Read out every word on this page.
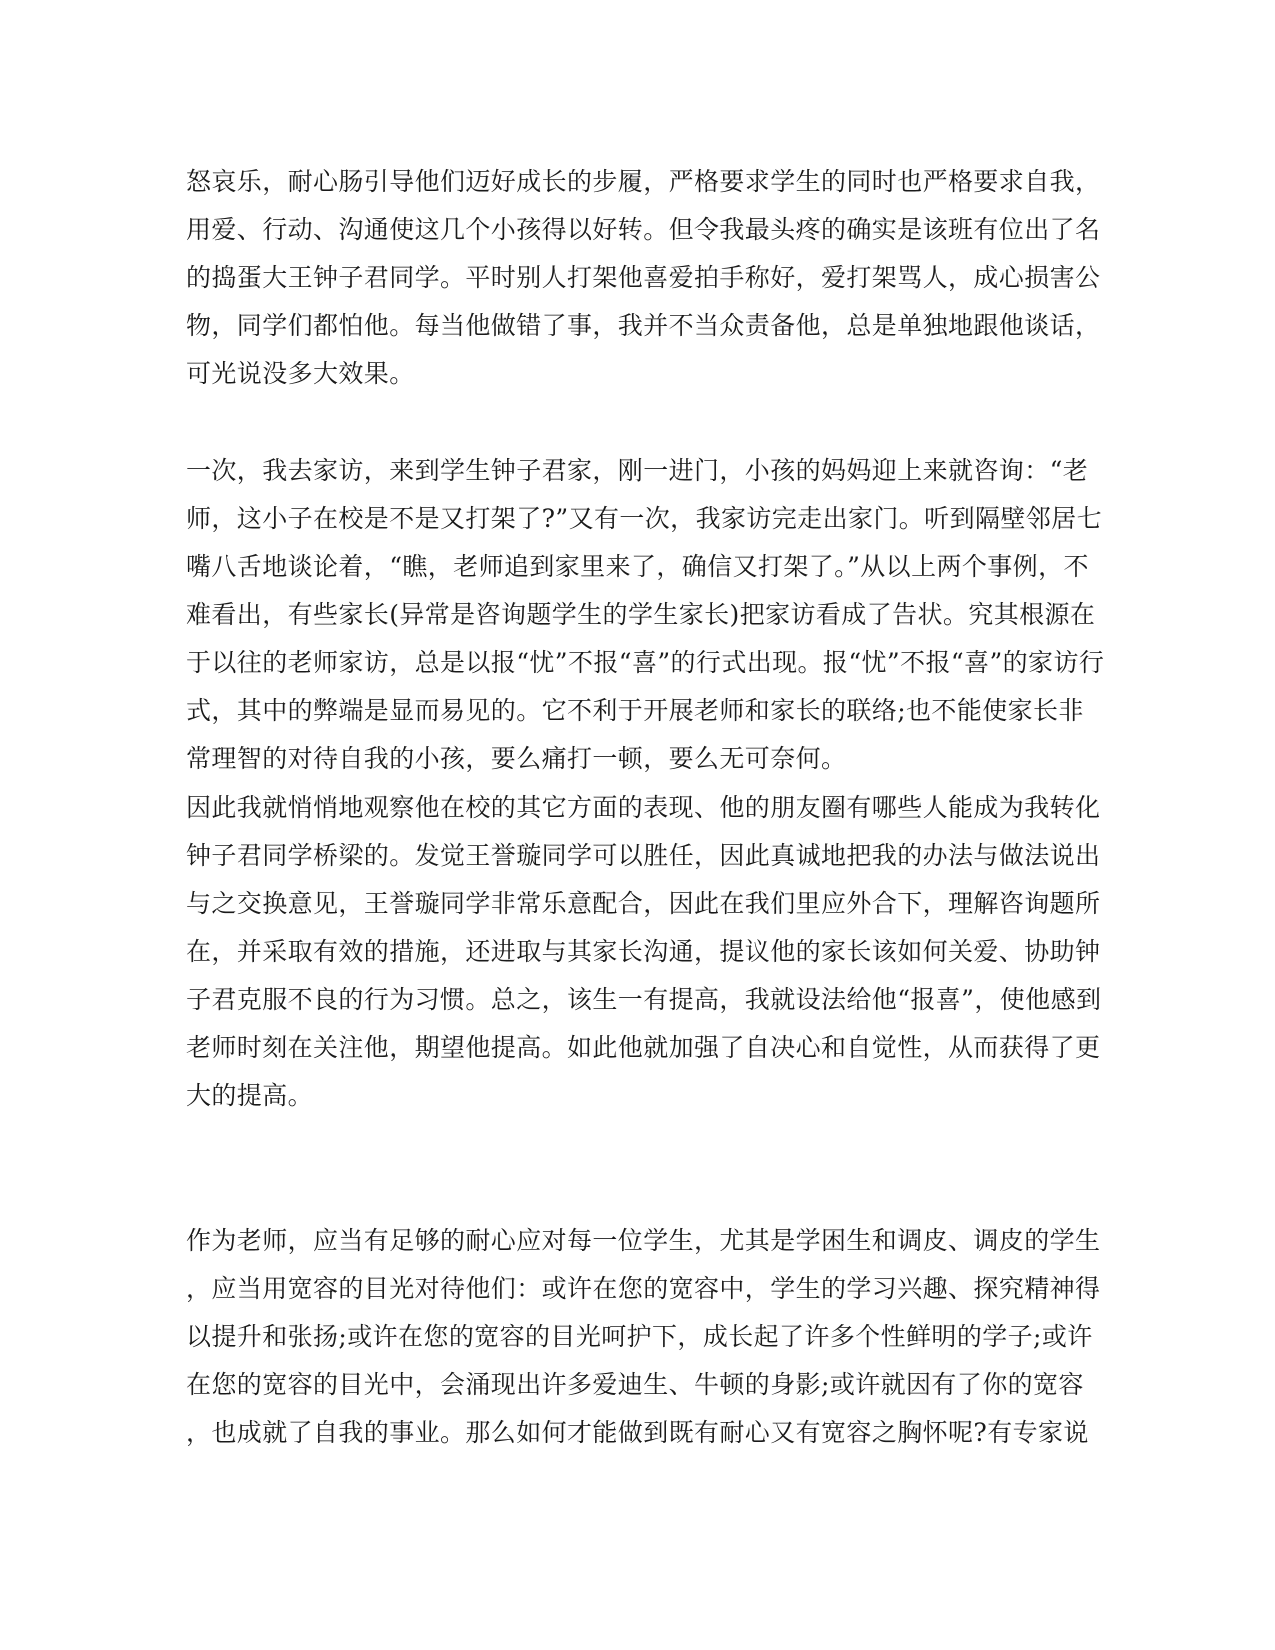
怒哀乐，耐心肠引导他们迈好成长的步履，严格要求学生的同时也严格要求自我，
用爱、行动、沟通使这几个小孩得以好转。但令我最头疼的确实是该班有位出了名
的捣蛋大王钟子君同学。平时别人打架他喜爱拍手称好，爱打架骂人，成心损害公
物，同学们都怕他。每当他做错了事，我并不当众责备他，总是单独地跟他谈话，
可光说没多大效果。
一次，我去家访，来到学生钟子君家，刚一进门，小孩的妈妈迎上来就咨询：“老
师，这小子在校是不是又打架了?”又有一次，我家访完走出家门。听到隔壁邻居七
嘴八舌地谈论着，“瞧，老师追到家里来了，确信又打架了。”从以上两个事例，不
难看出，有些家长(异常是咨询题学生的学生家长)把家访看成了告状。究其根源在
于以往的老师家访，总是以报“忧”不报“喜”的行式出现。报“忧”不报“喜”的家访行
式，其中的弊端是显而易见的。它不利于开展老师和家长的联络;也不能使家长非
常理智的对待自我的小孩，要么痛打一顿，要么无可奈何。
因此我就悄悄地观察他在校的其它方面的表现、他的朋友圈有哪些人能成为我转化
钟子君同学桥梁的。发觉王誉璇同学可以胜任，因此真诚地把我的办法与做法说出
与之交换意见，王誉璇同学非常乐意配合，因此在我们里应外合下，理解咨询题所
在，并采取有效的措施，还进取与其家长沟通，提议他的家长该如何关爱、协助钟
子君克服不良的行为习惯。总之，该生一有提高，我就设法给他“报喜”，使他感到
老师时刻在关注他，期望他提高。如此他就加强了自决心和自觉性，从而获得了更
大的提高。
作为老师，应当有足够的耐心应对每一位学生，尤其是学困生和调皮、调皮的学生
，应当用宽容的目光对待他们：或许在您的宽容中，学生的学习兴趣、探究精神得
以提升和张扬;或许在您的宽容的目光呵护下，成长起了许多个性鲜明的学子;或许
在您的宽容的目光中，会涌现出许多爱迪生、牛顿的身影;或许就因有了你的宽容
，也成就了自我的事业。那么如何才能做到既有耐心又有宽容之胸怀呢?有专家说
